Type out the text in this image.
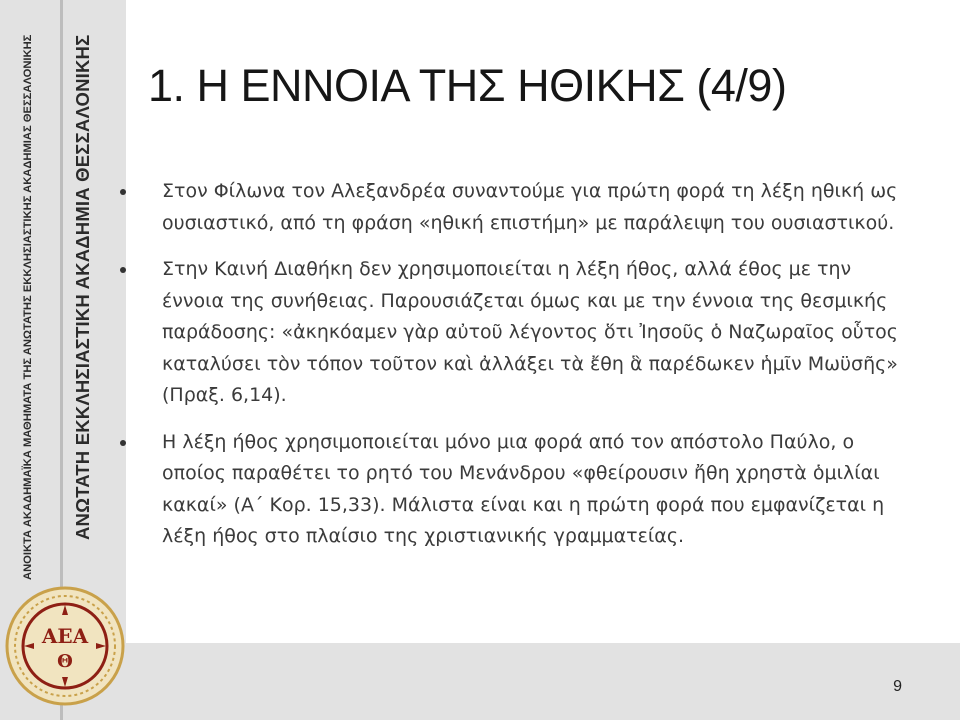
ΑΝΟΙΚΤΑ ΑΚΑΔΗΜΑΪΚΑ ΜΑΘΗΜΑΤΑ ΤΗΣ ΑΝΩΤΑΤΗΣ ΕΚΚΛΗΣΙΑΣΤΙΚΗΣ ΑΚΑΔΗΜΙΑΣ ΘΕΣΣΑΛΟΝΙΚΗΣ ΑΝΩΤΑΤΗ ΕΚΚΛΗΣΙΑΣΤΙΚΗ ΑΚΑΔΗΜΙΑ ΘΕΣΣΑΛΟΝΙΚΗΣ
ΑΕΑ
Θ
1. Η ΕΝΝΟΙΑ ΤΗΣ ΗΘΙΚΗΣ (4/9)
Στον Φίλωνα τον Αλεξανδρέα συναντούμε για πρώτη φορά τη λέξη ηθική ως ουσιαστικό, από τη φράση «ηθική επιστήμη» με παράλειψη του ουσιαστικού.
Στην Καινή Διαθήκη δεν χρησιμοποιείται η λέξη ήθος, αλλά έθος με την έννοια της συνήθειας. Παρουσιάζεται όμως και με την έννοια της θεσμικής παράδοσης: «ἀκηκόαμεν γὰρ αὐτοῦ λέγοντος ὅτι Ἰησοῦς ὁ Ναζωραῖος οὗτος καταλύσει τὸν τόπον τοῦτον καὶ ἀλλάξει τὰ ἔθη ἃ παρέδωκεν ἡμῖν Μωϋσῆς» (Πραξ. 6,14).
Η λέξη ήθος χρησιμοποιείται μόνο μια φορά από τον απόστολο Παύλο, ο οποίος παραθέτει το ρητό του Μενάνδρου «φθείρουσιν ἤθη χρηστὰ ὁμιλίαι κακαί» (Α΄ Κορ. 15,33). Μάλιστα είναι και η πρώτη φορά που εμφανίζεται η λέξη ήθος στο πλαίσιο της χριστιανικής γραμματείας.
9
